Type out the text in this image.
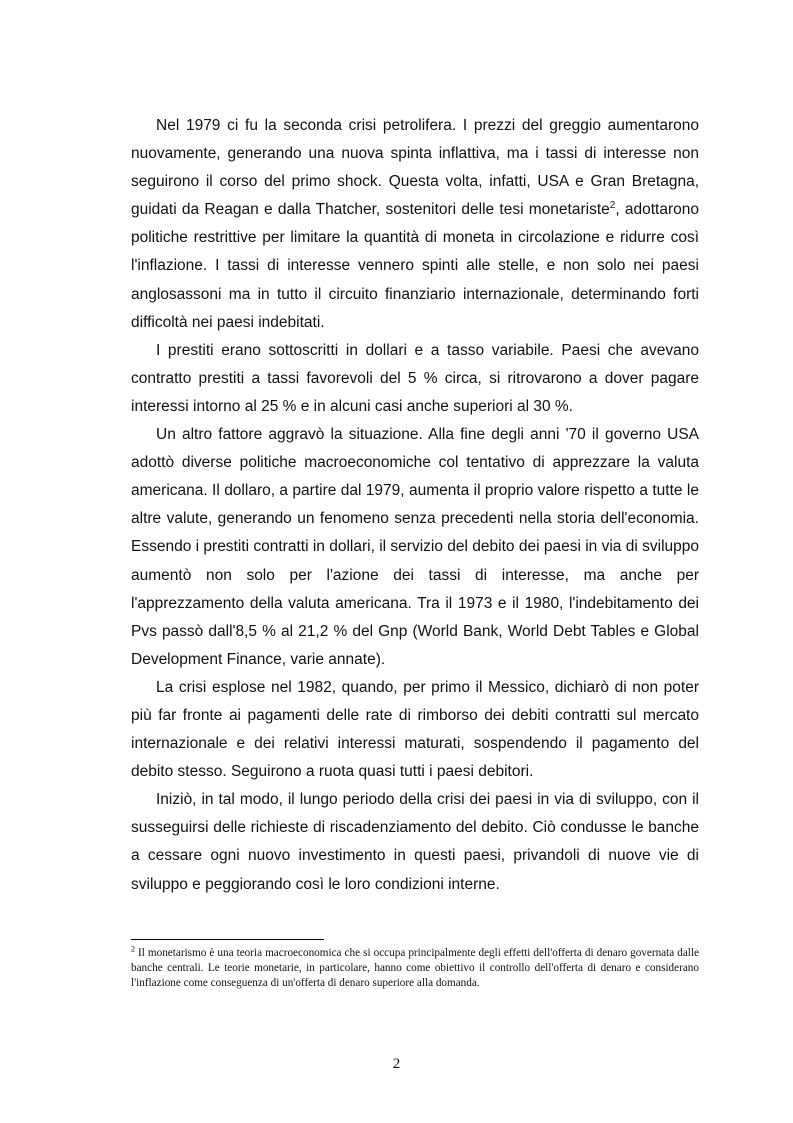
Nel 1979 ci fu la seconda crisi petrolifera. I prezzi del greggio aumentarono nuovamente, generando una nuova spinta inflattiva, ma i tassi di interesse non seguirono il corso del primo shock. Questa volta, infatti, USA e Gran Bretagna, guidati da Reagan e dalla Thatcher, sostenitori delle tesi monetariste$^2$, adottarono politiche restrittive per limitare la quantità di moneta in circolazione e ridurre così l'inflazione. I tassi di interesse vennero spinti alle stelle, e non solo nei paesi anglosassoni ma in tutto il circuito finanziario internazionale, determinando forti difficoltà nei paesi indebitati.

I prestiti erano sottoscritti in dollari e a tasso variabile. Paesi che avevano contratto prestiti a tassi favorevoli del 5 % circa, si ritrovarono a dover pagare interessi intorno al 25 % e in alcuni casi anche superiori al 30 %.

Un altro fattore aggravò la situazione. Alla fine degli anni '70 il governo USA adottò diverse politiche macroeconomiche col tentativo di apprezzare la valuta americana. Il dollaro, a partire dal 1979, aumenta il proprio valore rispetto a tutte le altre valute, generando un fenomeno senza precedenti nella storia dell'economia. Essendo i prestiti contratti in dollari, il servizio del debito dei paesi in via di sviluppo aumentò non solo per l'azione dei tassi di interesse, ma anche per l'apprezzamento della valuta americana. Tra il 1973 e il 1980, l'indebitamento dei Pvs passò dall'8,5 % al 21,2 % del Gnp (World Bank, World Debt Tables e Global Development Finance, varie annate).

La crisi esplose nel 1982, quando, per primo il Messico, dichiarò di non poter più far fronte ai pagamenti delle rate di rimborso dei debiti contratti sul mercato internazionale e dei relativi interessi maturati, sospendendo il pagamento del debito stesso. Seguirono a ruota quasi tutti i paesi debitori.

Iniziò, in tal modo, il lungo periodo della crisi dei paesi in via di sviluppo, con il susseguirsi delle richieste di riscadenziamento del debito. Ciò condusse le banche a cessare ogni nuovo investimento in questi paesi, privandoli di nuove vie di sviluppo e peggiorando così le loro condizioni interne.

$^2$ Il monetarismo è una teoria macroeconomica che si occupa principalmente degli effetti dell'offerta di denaro governata dalle banche centrali. Le teorie monetarie, in particolare, hanno come obiettivo il controllo dell'offerta di denaro e considerano l'inflazione come conseguenza di un'offerta di denaro superiore alla domanda.

2
